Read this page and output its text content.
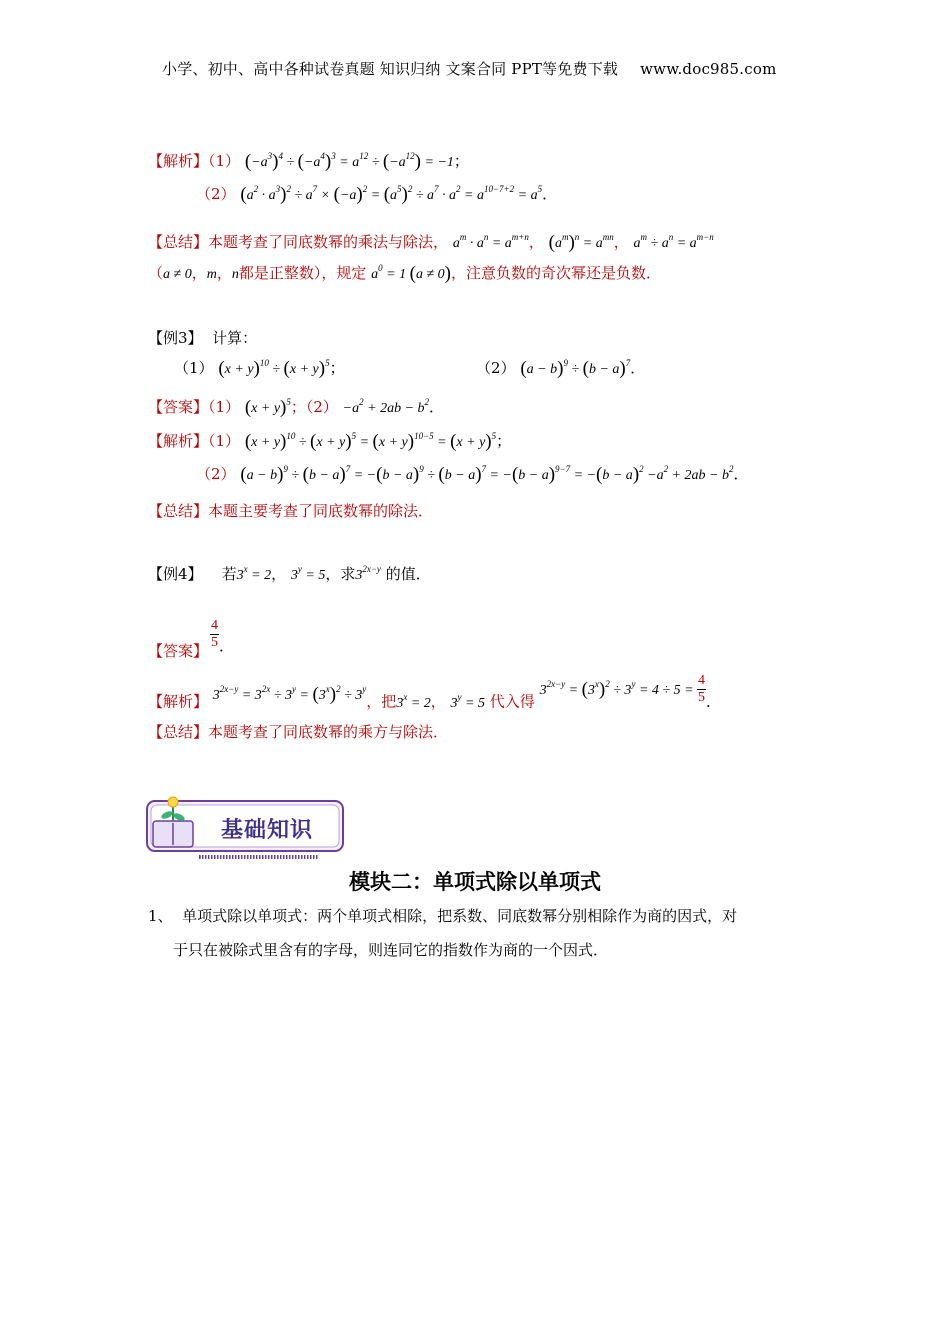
小学、初中、高中各种试卷真题 知识归纳 文案合同 PPT等免费下载 www.doc985.com
【解析】（1） $(-a^3)^4 \div (-a^4)^3 = a^{12} \div (-a^{12}) = -1$；
（2） $(a^2 \cdot a^3)^2 \div a^7 \times (-a)^2 = (a^5)^2 \div a^7 \cdot a^2 = a^{10-7+2} = a^5$．
【总结】本题考查了同底数幂的乘法与除法， $a^m \cdot a^n = a^{m+n}$， $(a^m)^n = a^{mn}$， $a^m \div a^n = a^{m-n}$
（a ≠ 0，m，n都是正整数），规定 $a^0 = 1$ (a ≠ 0)，注意负数的奇次幂还是负数．
【例3】 计算：
（1） $(x + y)^{10} \div (x + y)^5$；	（2） $(a - b)^9 \div (b - a)^7$．
【答案】（1） $(x + y)^5$；$(2) -a^2 + 2ab - b^2$．
【解析】（1） $(x + y)^{10} \div (x + y)^5 = (x + y)^{10-5} = (x + y)^5$；
（2） $(a - b)^9 \div (b - a)^7 = -(b - a)^9 \div (b - a)^7 = -(b - a)^{9-7} = -(b - a)^2 -a^2 + 2ab - b^2$．
【总结】本题主要考查了同底数幂的除法．
【例4】 若$3^x = 2$， $3^y = 5$，求$3^{2x-y}$ 的值．
【答案】 $\frac{4}{5}$ ．
【解析】 $3^{2x-y} = 3^{2x} \div 3^y = (3^x)^2 \div 3^y$，把$3^x = 2$， $3^y = 5$ 代入得 $3^{2x-y} = (3^x)^2 \div 3^y = 4 \div 5 = \frac{4}{5}$ ．
【总结】本题考查了同底数幂的乘方与除法．
基础知识
模块二：单项式除以单项式
1、 单项式除以单项式：两个单项式相除，把系数、同底数幂分别相除作为商的因式，对
于只在被除式里含有的字母，则连同它的指数作为商的一个因式．
